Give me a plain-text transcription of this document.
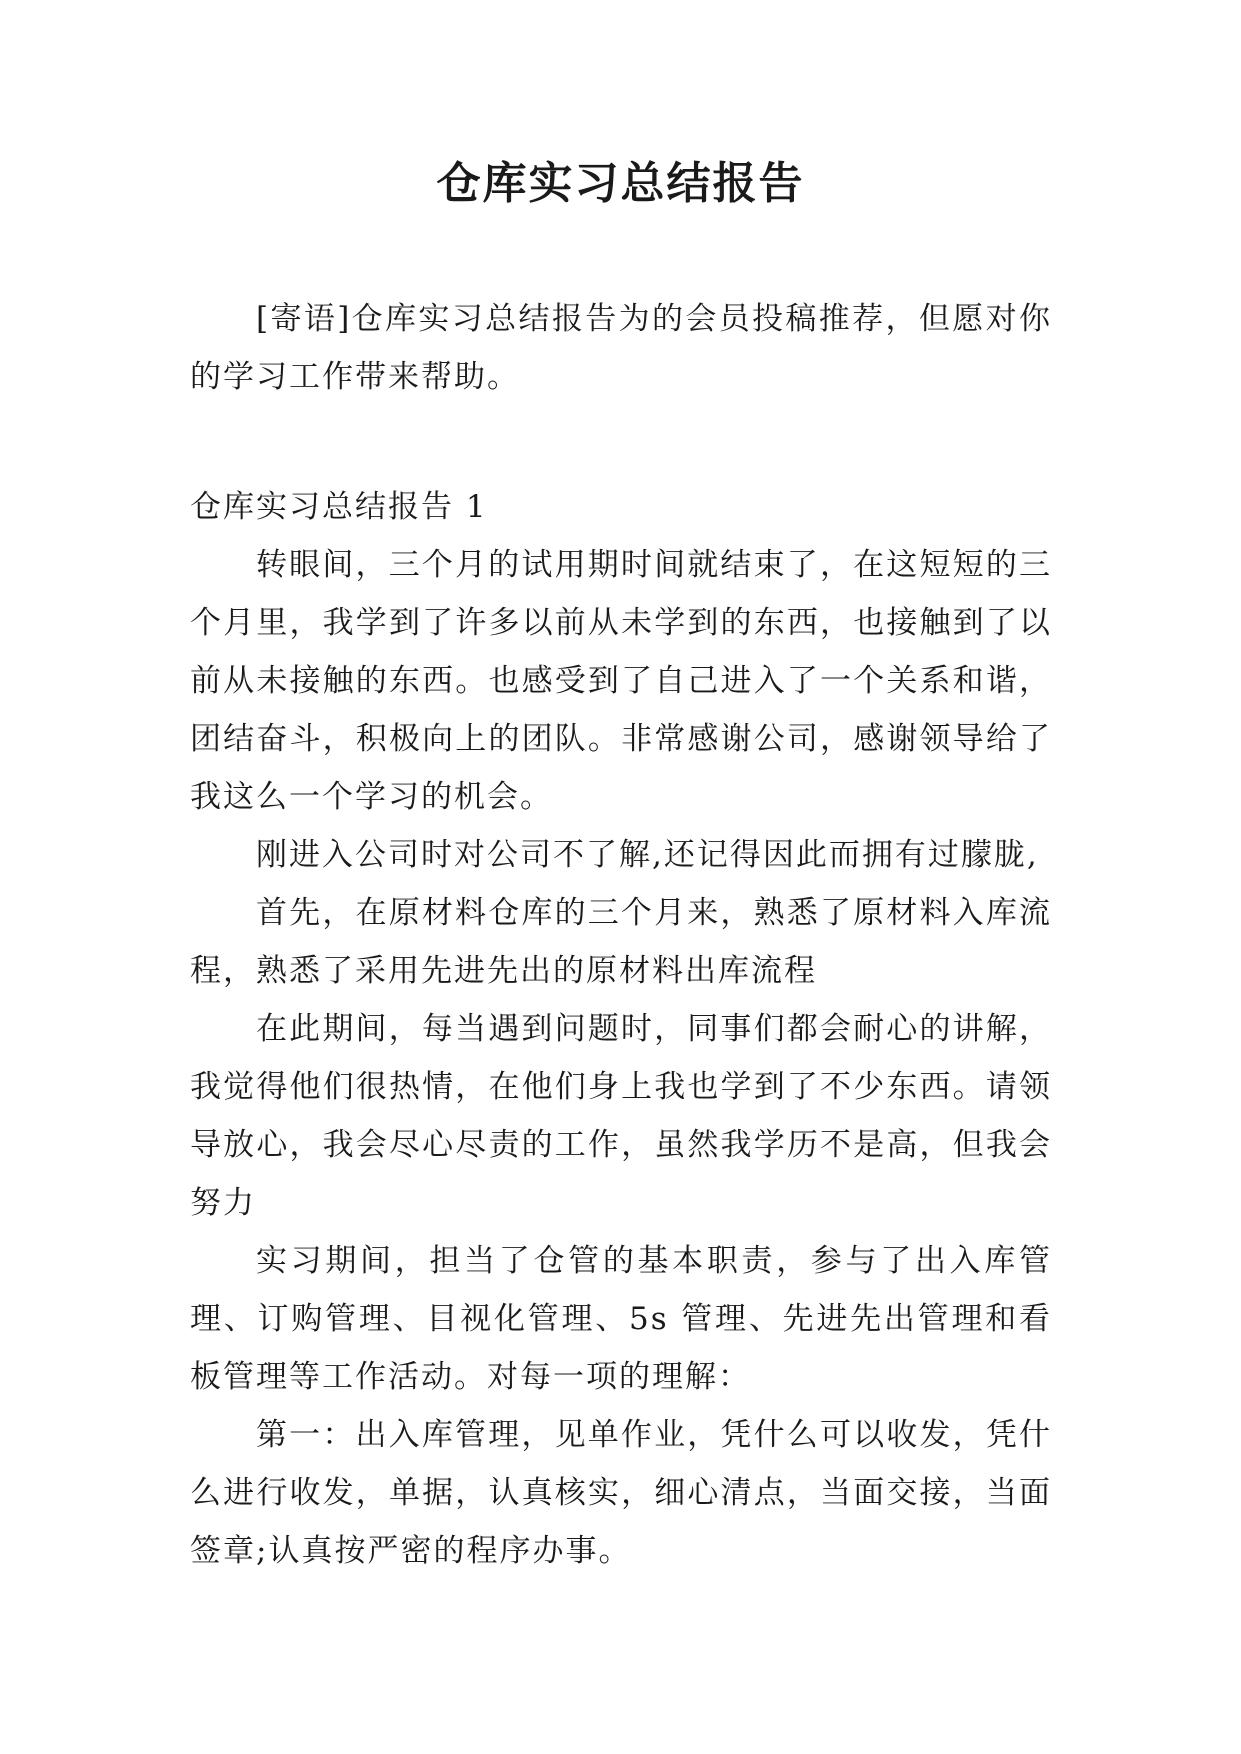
仓库实习总结报告

[寄语]仓库实习总结报告为的会员投稿推荐，但愿对你的学习工作带来帮助。

仓库实习总结报告 1

转眼间，三个月的试用期时间就结束了，在这短短的三个月里，我学到了许多以前从未学到的东西，也接触到了以前从未接触的东西。也感受到了自己进入了一个关系和谐，团结奋斗，积极向上的团队。非常感谢公司，感谢领导给了我这么一个学习的机会。

刚进入公司时对公司不了解,还记得因此而拥有过朦胧,

首先，在原材料仓库的三个月来，熟悉了原材料入库流程，熟悉了采用先进先出的原材料出库流程

在此期间，每当遇到问题时，同事们都会耐心的讲解，我觉得他们很热情，在他们身上我也学到了不少东西。请领导放心，我会尽心尽责的工作，虽然我学历不是高，但我会努力

实习期间，担当了仓管的基本职责，参与了出入库管理、订购管理、目视化管理、5s 管理、先进先出管理和看板管理等工作活动。对每一项的理解：

第一：出入库管理，见单作业，凭什么可以收发，凭什么进行收发，单据，认真核实，细心清点，当面交接，当面签章;认真按严密的程序办事。
